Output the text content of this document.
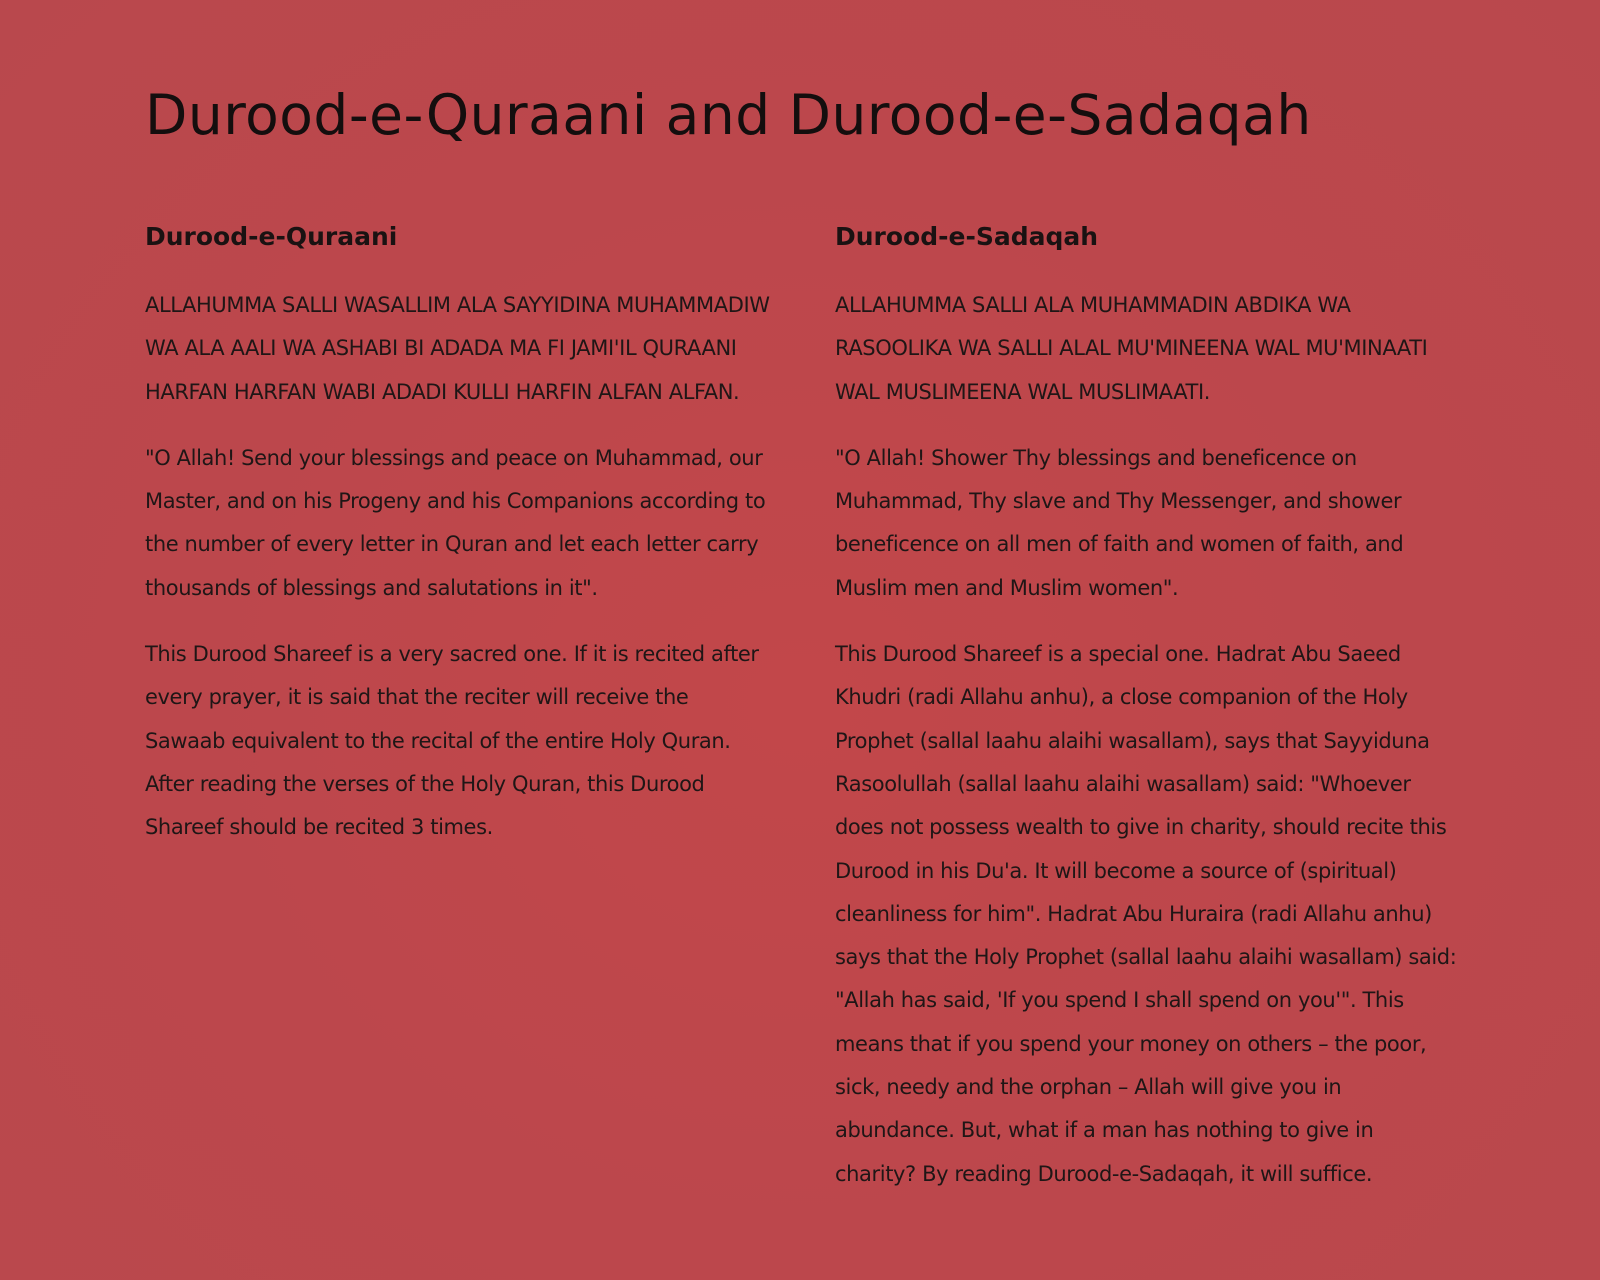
Durood-e-Quraani and Durood-e-Sadaqah
Durood-e-Quraani

ALLAHUMMA SALLI WASALLIM ALA SAYYIDINA MUHAMMADIW WA ALA AALI WA ASHABI BI ADADA MA FI JAMI'IL QURAANI HARFAN HARFAN WABI ADADI KULLI HARFIN ALFAN ALFAN.

"O Allah! Send your blessings and peace on Muhammad, our Master, and on his Progeny and his Companions according to the number of every letter in Quran and let each letter carry thousands of blessings and salutations in it".

This Durood Shareef is a very sacred one. If it is recited after every prayer, it is said that the reciter will receive the Sawaab equivalent to the recital of the entire Holy Quran. After reading the verses of the Holy Quran, this Durood Shareef should be recited 3 times.

Durood-e-Sadaqah

ALLAHUMMA SALLI ALA MUHAMMADIN ABDIKA WA RASOOLIKA WA SALLI ALAL MU'MINEENA WAL MU'MINAATI WAL MUSLIMEENA WAL MUSLIMAATI.

"O Allah! Shower Thy blessings and beneficence on Muhammad, Thy slave and Thy Messenger, and shower beneficence on all men of faith and women of faith, and Muslim men and Muslim women".

This Durood Shareef is a special one. Hadrat Abu Saeed Khudri (radi Allahu anhu), a close companion of the Holy Prophet (sallal laahu alaihi wasallam), says that Sayyiduna Rasoolullah (sallal laahu alaihi wasallam) said: "Whoever does not possess wealth to give in charity, should recite this Durood in his Du'a. It will become a source of (spiritual) cleanliness for him". Hadrat Abu Huraira (radi Allahu anhu) says that the Holy Prophet (sallal laahu alaihi wasallam) said: "Allah has said, 'If you spend I shall spend on you'". This means that if you spend your money on others – the poor, sick, needy and the orphan – Allah will give you in abundance. But, what if a man has nothing to give in charity? By reading Durood-e-Sadaqah, it will suffice.
